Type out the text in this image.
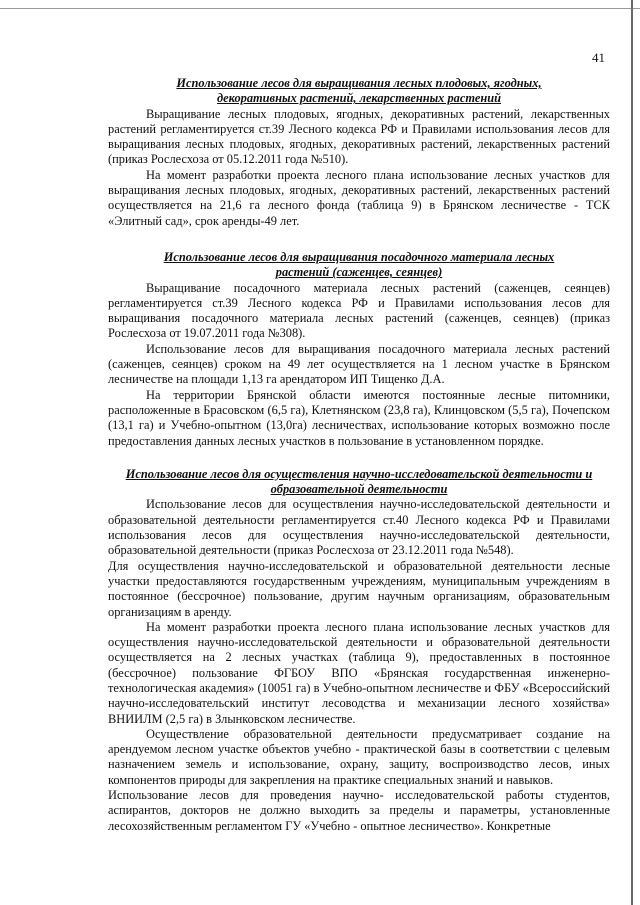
41

Использование лесов для выращивания лесных плодовых, ягодных,

декоративных растений, лекарственных растений

Выращивание лесных плодовых, ягодных, декоративных растений, лекарственных растений регламентируется ст.39 Лесного кодекса РФ и Правилами использования лесов для выращивания лесных плодовых, ягодных, декоративных растений, лекарственных растений (приказ Рослесхоза от 05.12.2011 года №510).

На момент разработки проекта лесного плана использование лесных участков для выращивания лесных плодовых, ягодных, декоративных растений, лекарственных растений осуществляется на 21,6 га лесного фонда (таблица 9) в Брянском лесничестве - ТСК «Элитный сад», срок аренды-49 лет.

Использование лесов для выращивания посадочного материала лесных

растений (саженцев, сеянцев)

Выращивание посадочного материала лесных растений (саженцев, сеянцев) регламентируется ст.39 Лесного кодекса РФ и Правилами использования лесов для выращивания посадочного материала лесных растений (саженцев, сеянцев) (приказ Рослесхоза от 19.07.2011 года №308).

Использование лесов для выращивания посадочного материала лесных растений (саженцев, сеянцев) сроком на 49 лет осуществляется на 1 лесном участке в Брянском лесничестве на площади 1,13 га арендатором ИП Тищенко Д.А.

На территории Брянской области имеются постоянные лесные питомники, расположенные в Брасовском (6,5 га), Клетнянском (23,8 га), Клинцовском (5,5 га), Почепском (13,1 га) и Учебно-опытном (13,0га) лесничествах, использование которых возможно после предоставления данных лесных участков в пользование в установленном порядке.

Использование лесов для осуществления научно-исследовательской деятельности и

образовательной деятельности

Использование лесов для осуществления научно-исследовательской деятельности и образовательной деятельности регламентируется ст.40 Лесного кодекса РФ и Правилами использования лесов для осуществления научно-исследовательской деятельности, образовательной деятельности (приказ Рослесхоза от 23.12.2011 года №548).

Для осуществления научно-исследовательской и образовательной деятельности лесные участки предоставляются государственным учреждениям, муниципальным учреждениям в постоянное (бессрочное) пользование, другим научным организациям, образовательным организациям в аренду.

На момент разработки проекта лесного плана использование лесных участков для осуществления научно-исследовательской деятельности и образовательной деятельности осуществляется на 2 лесных участках (таблица 9), предоставленных в постоянное (бессрочное) пользование ФГБОУ ВПО «Брянская государственная инженерно-технологическая академия» (10051 га) в Учебно-опытном лесничестве и ФБУ «Всероссийский научно-исследовательский институт лесоводства и механизации лесного хозяйства» ВНИИЛМ (2,5 га) в Злынковском лесничестве.

Осуществление образовательной деятельности предусматривает создание на арендуемом лесном участке объектов учебно - практической базы в соответствии с целевым назначением земель и использование, охрану, защиту, воспроизводство лесов, иных компонентов природы для закрепления на практике специальных знаний и навыков.

Использование лесов для проведения научно- исследовательской работы студентов, аспирантов, докторов не должно выходить за пределы и параметры, установленные лесохозяйственным регламентом ГУ «Учебно - опытное лесничество». Конкретные
